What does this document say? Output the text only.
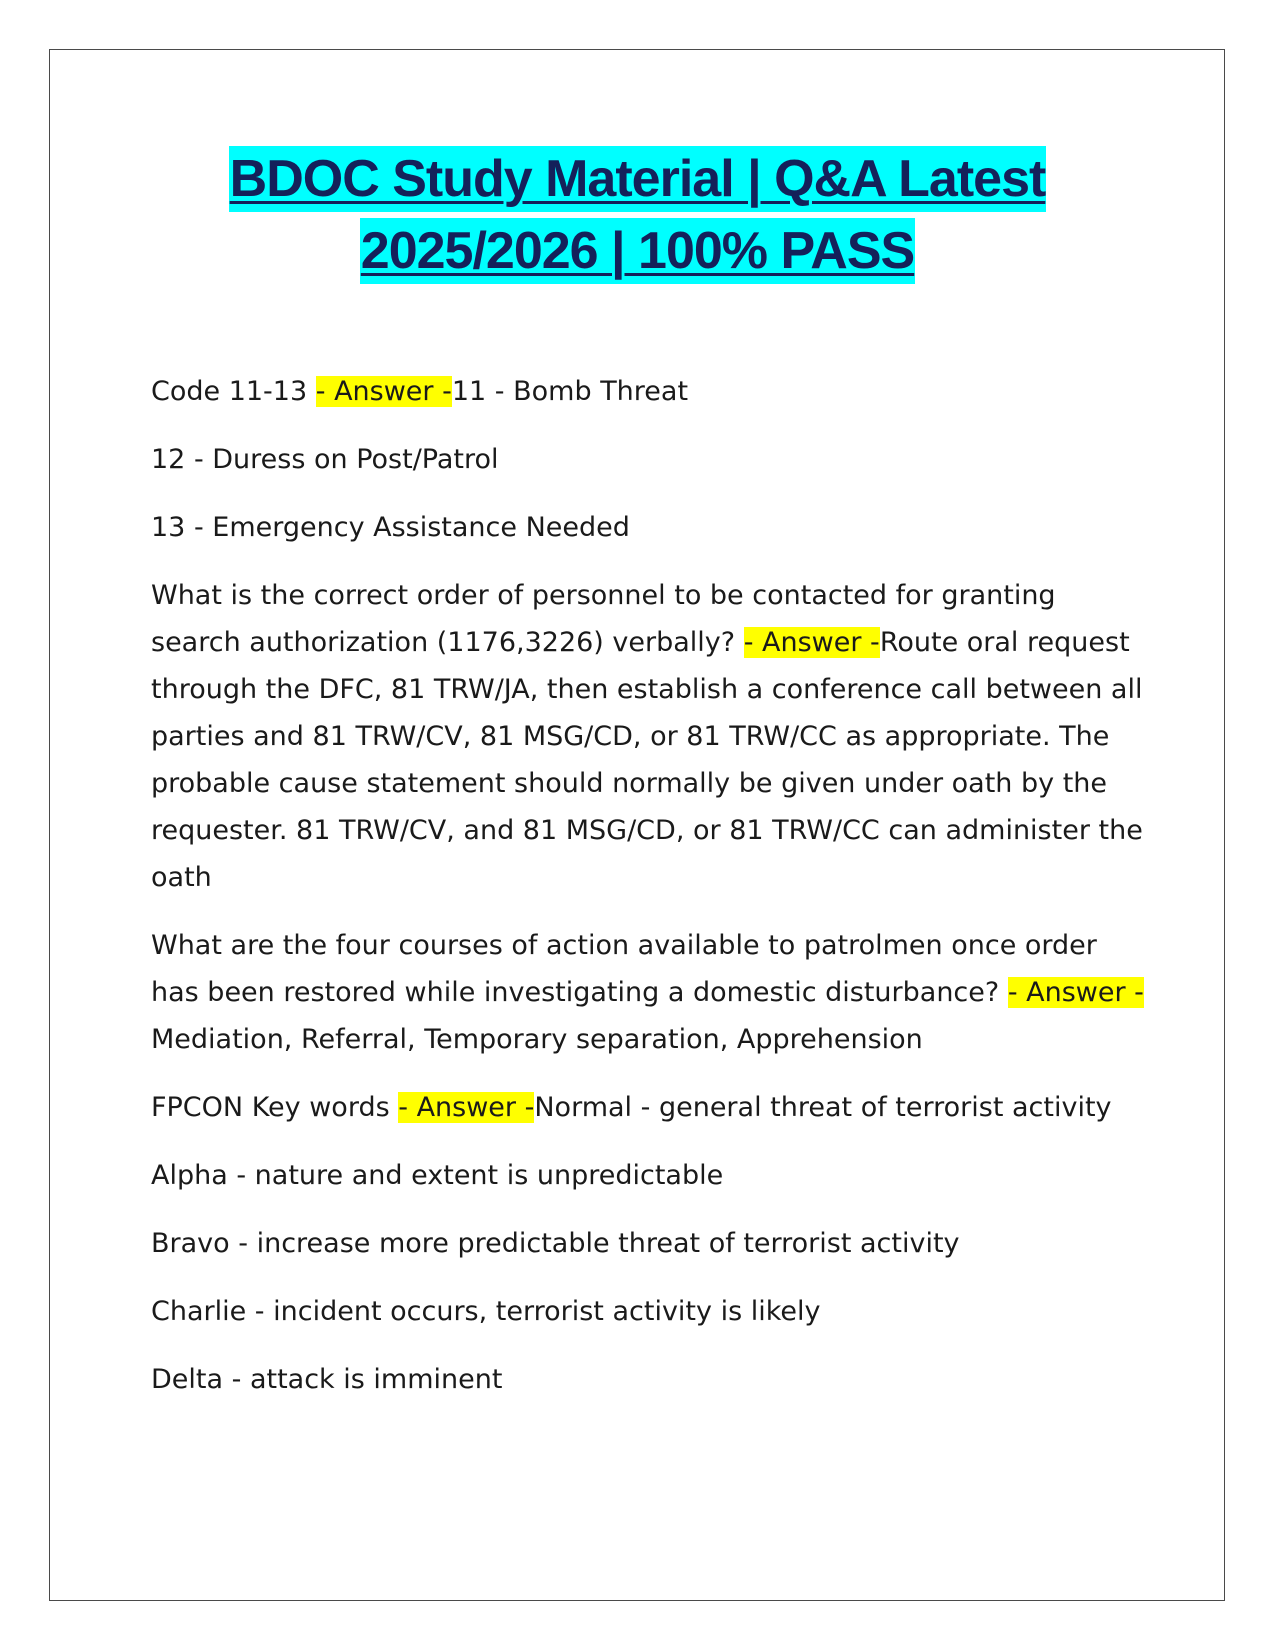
BDOC Study Material | Q&A Latest
2025/2026 | 100% PASS

Code 11-13 - Answer -11 - Bomb Threat

12 - Duress on Post/Patrol

13 - Emergency Assistance Needed

What is the correct order of personnel to be contacted for granting search authorization (1176,3226) verbally? - Answer -Route oral request through the DFC, 81 TRW/JA, then establish a conference call between all parties and 81 TRW/CV, 81 MSG/CD, or 81 TRW/CC as appropriate. The probable cause statement should normally be given under oath by the requester. 81 TRW/CV, and 81 MSG/CD, or 81 TRW/CC can administer the oath

What are the four courses of action available to patrolmen once order has been restored while investigating a domestic disturbance? - Answer -Mediation, Referral, Temporary separation, Apprehension

FPCON Key words - Answer -Normal - general threat of terrorist activity

Alpha - nature and extent is unpredictable

Bravo - increase more predictable threat of terrorist activity

Charlie - incident occurs, terrorist activity is likely

Delta - attack is imminent
